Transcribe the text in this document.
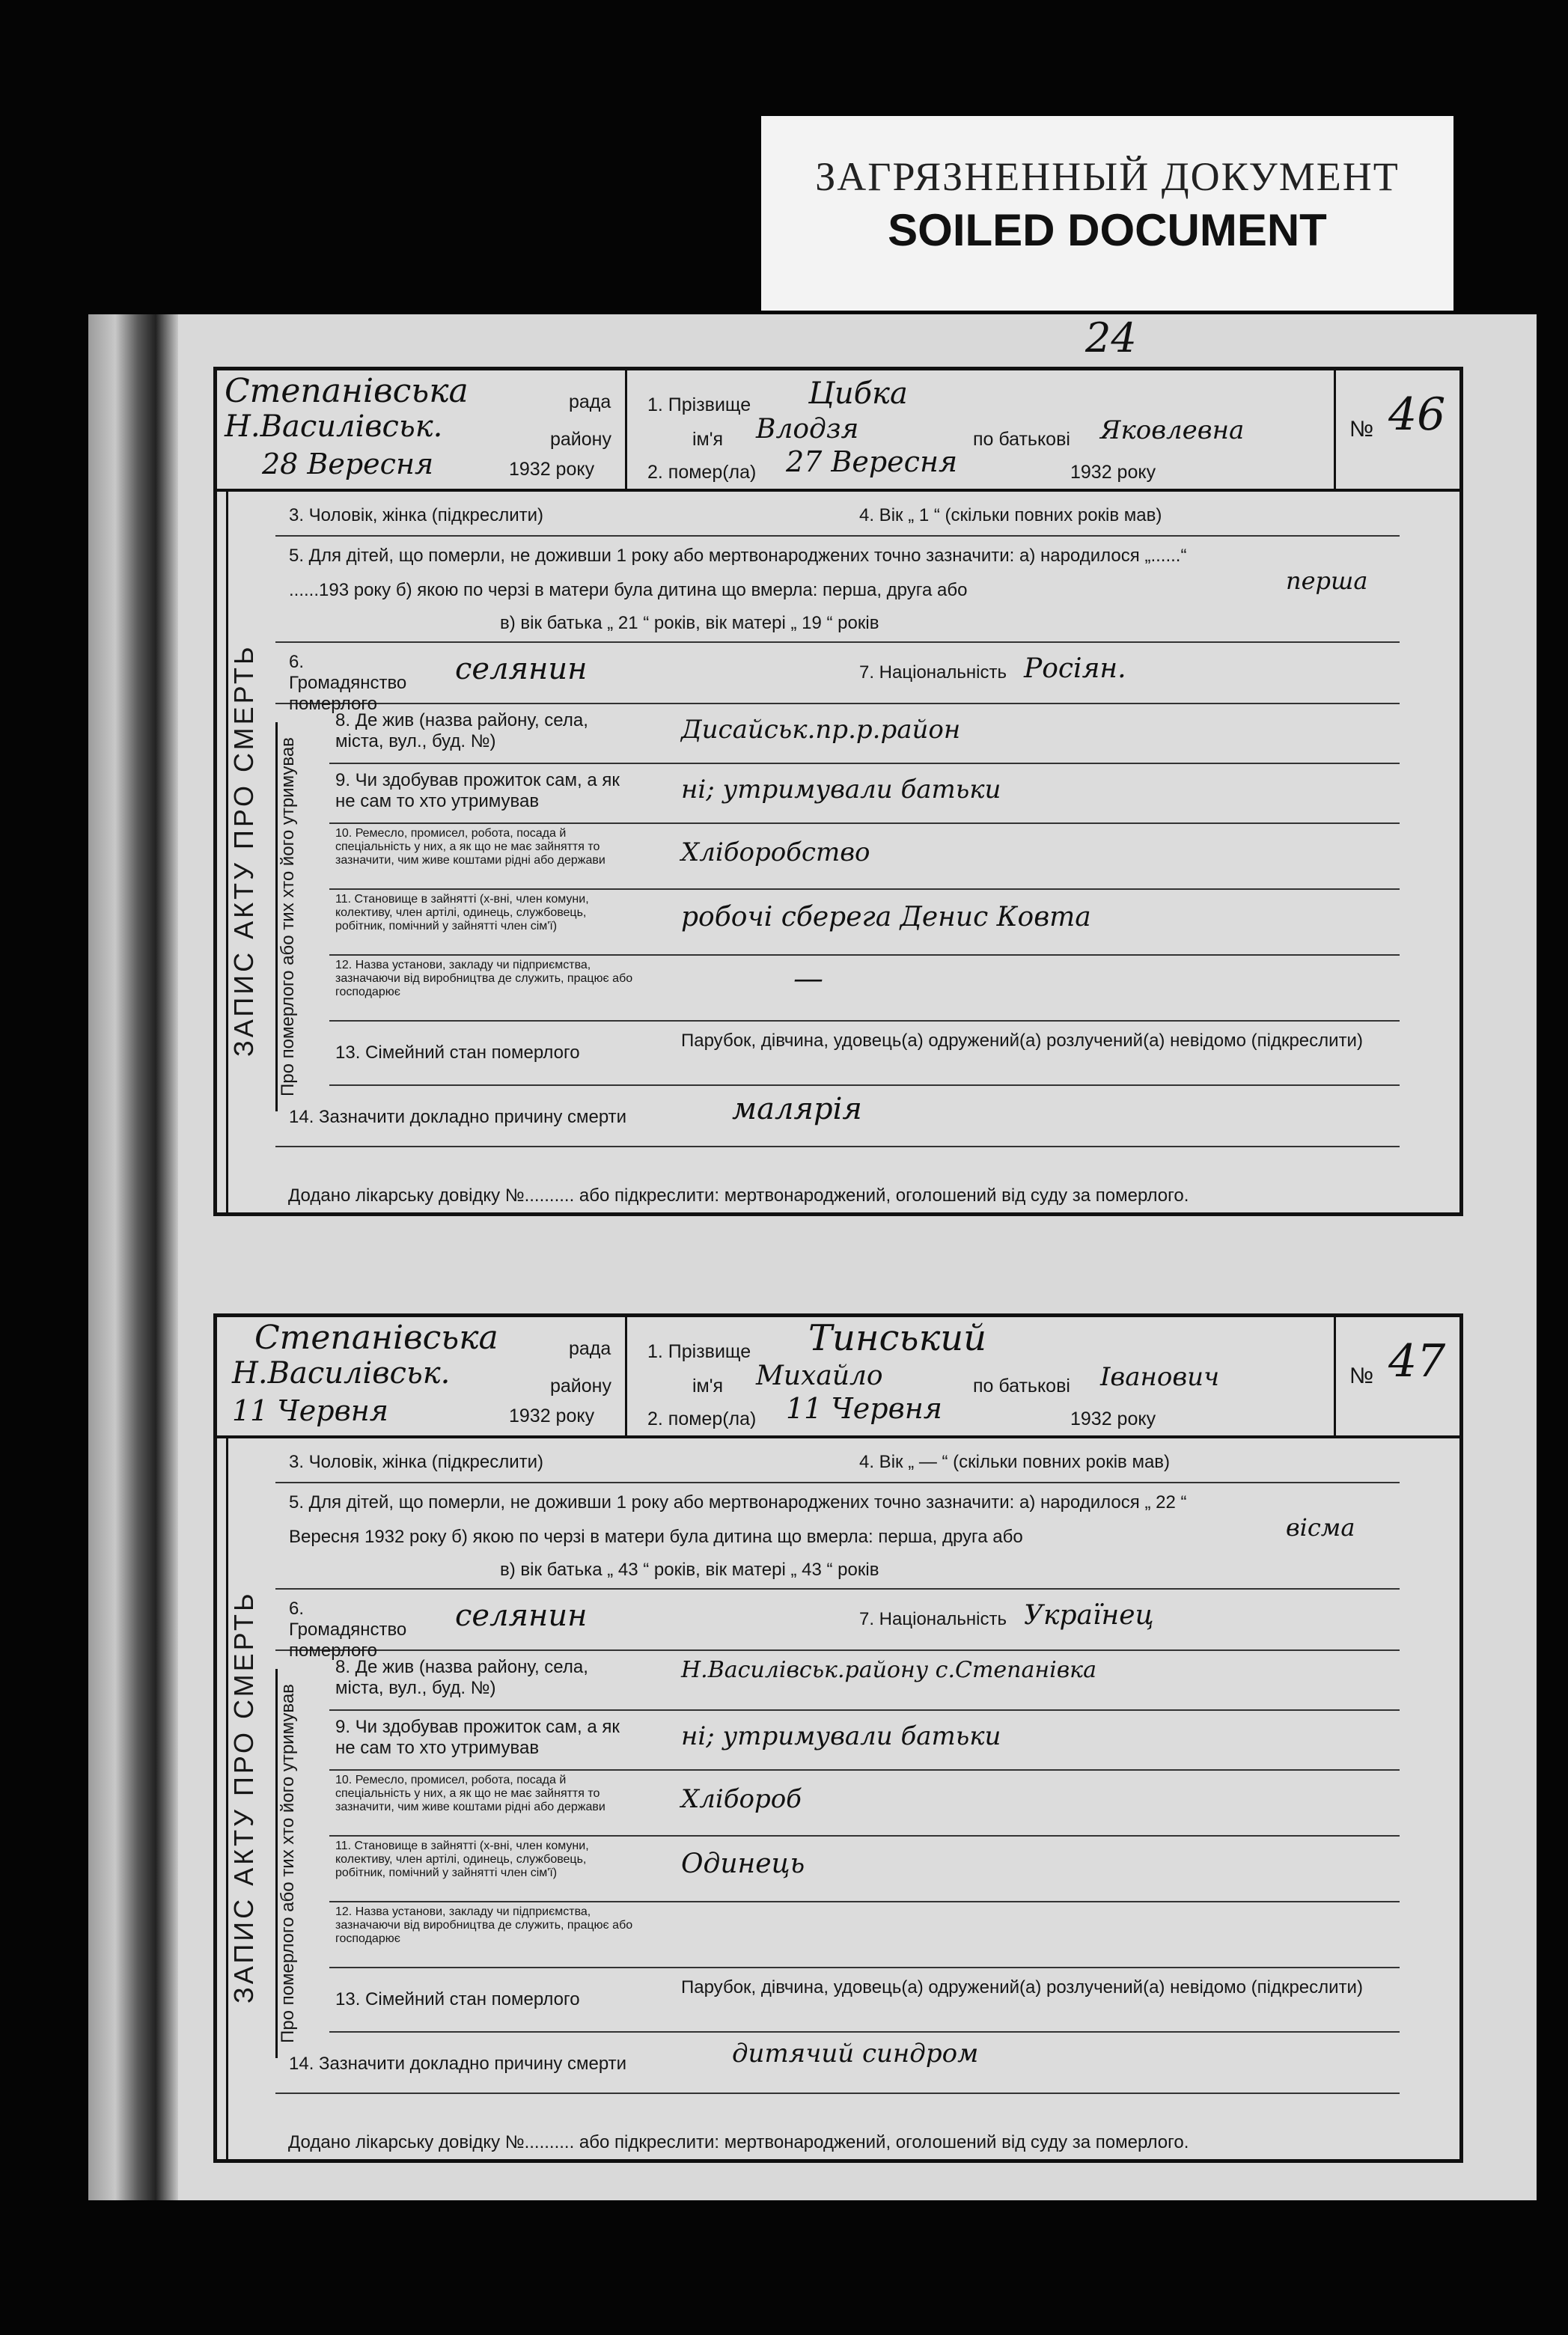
ЗАГРЯЗНЕННЫЙ ДОКУМЕНТ
SOILED DOCUMENT
24
Степанівська	рада
Н.Василівськ.	району
28 Вересня	1932 року
1. Прізвище Цибка
ім'я Влодзя	по батькові Яковлевна
2. помер(ла) 27 Вересня	1932 року
№ 46
ЗАПИС АКТУ ПРО СМЕРТЬ	Про померлого або тих хто його утримував
3. Чоловік, жінка (підкреслити)	4. Вік „ 1 “ (скільки повних років мав)
5. Для дітей, що померли, не доживши 1 року або мертвонароджених точно зазначити: а) народилося „......“
......193 року б) якою по черзі в матери була дитина що вмерла: перша, друга або	перша
в) вік батька „ 21 “ років, вік матері „ 19 “ років
6. Громадянство померлого
селянин	7. Національність Росіян.
8. Де жив (назва району, села, міста, вул., буд. №)	Дисайськ.пр.р.район
9. Чи здобував прожиток сам, а як не сам то хто утримував	ні; утримували батьки
10. Ремесло, промисел, робота, посада й спеціальність у них, а як що не має зайняття то зазначити, чим живе коштами рідні або держави	Хліборобство
11. Становище в зайнятті (х-вні, член комуни, колективу, член артілі, одинець, службовець, робітник, помічний у зайнятті член сім'ї)	робочі сберега Денис Ковта
12. Назва установи, закладу чи підприємства, зазначаючи від виробництва де служить, працює або господарює	—
13. Сімейний стан померлого
Парубок, дівчина, удовець(а) одружений(а) розлучений(а) невідомо (підкреслити)
14. Зазначити докладно причину смерти	малярія
Додано лікарську довідку №.......... або підкреслити: мертвонароджений, оголошений від суду за померлого.
Степанівська	рада
Н.Василівськ.	району
11 Червня	1932 року
1. Прізвище Тинський
ім'я Михайло	по батькові Іванович
2. помер(ла) 11 Червня	1932 року
№ 47
ЗАПИС АКТУ ПРО СМЕРТЬ	Про померлого або тих хто його утримував
3. Чоловік, жінка (підкреслити)	4. Вік „ — “ (скільки повних років мав)
5. Для дітей, що померли, не доживши 1 року або мертвонароджених точно зазначити: а) народилося „ 22 “
Вересня 1932 року б) якою по черзі в матери була дитина що вмерла: перша, друга або	вісма
в) вік батька „ 43 “ років, вік матері „ 43 “ років
6. Громадянство померлого
селянин	7. Національність Українец
8. Де жив (назва району, села, міста, вул., буд. №)
Н.Василівськ.району с.Степанівка
9. Чи здобував прожиток сам, а як не сам то хто утримував	ні; утримували батьки
10. Ремесло, промисел, робота, посада й спеціальність у них, а як що не має зайняття то зазначити, чим живе коштами рідні або держави	Хлібороб
11. Становище в зайнятті (х-вні, член комуни, колективу, член артілі, одинець, службовець, робітник, помічний у зайнятті член сім'ї)	Одинець
12. Назва установи, закладу чи підприємства, зазначаючи від виробництва де служить, працює або господарює
13. Сімейний стан померлого
Парубок, дівчина, удовець(а) одружений(а) розлучений(а) невідомо (підкреслити)
14. Зазначити докладно причину смерти	дитячий синдром
Додано лікарську довідку №.......... або підкреслити: мертвонароджений, оголошений від суду за померлого.
